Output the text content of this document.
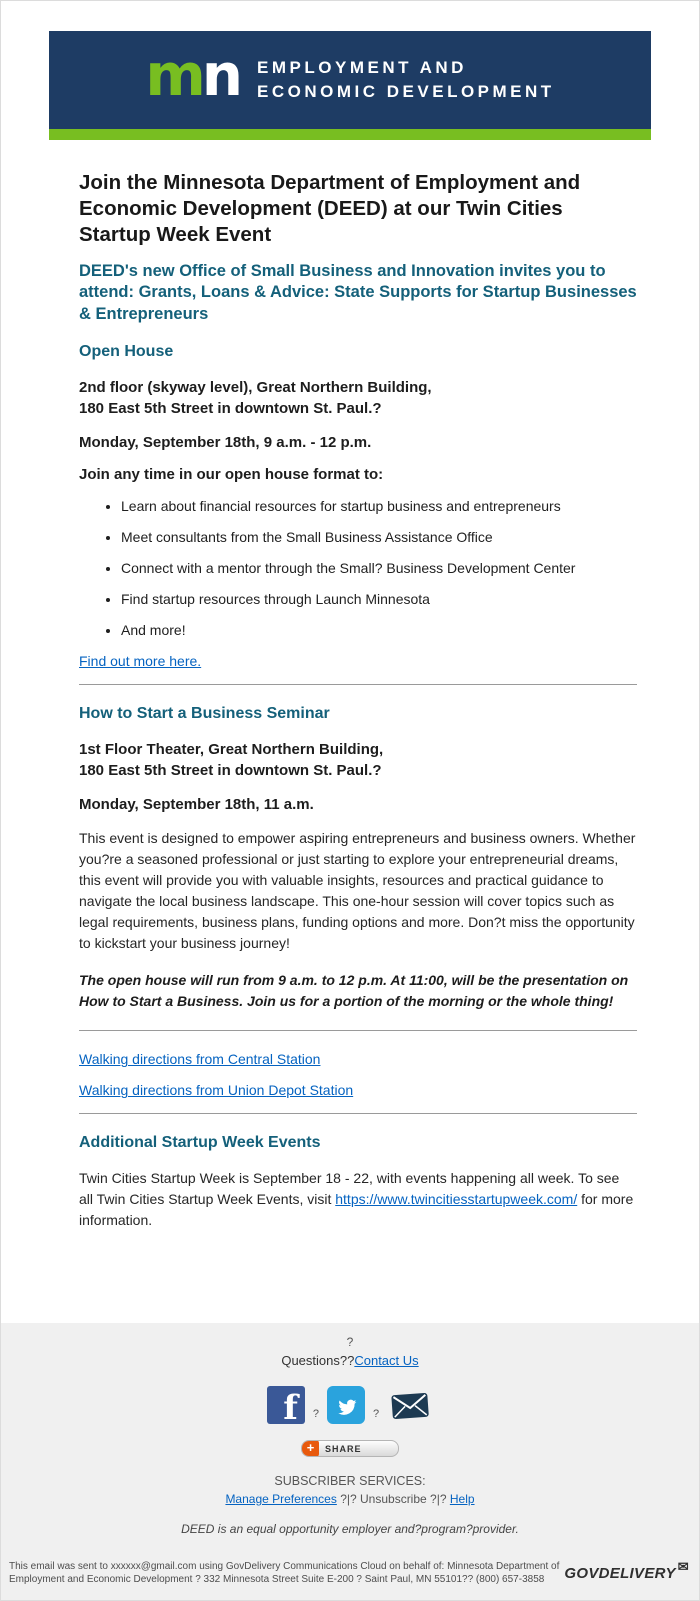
mn EMPLOYMENT AND
ECONOMIC DEVELOPMENT
Join the Minnesota Department of Employment and Economic Development (DEED) at our Twin Cities Startup Week Event
DEED's new Office of Small Business and Innovation invites you to attend: Grants, Loans & Advice: State Supports for Startup Businesses & Entrepreneurs
Open House
2nd floor (skyway level), Great Northern Building,
180 East 5th Street in downtown St. Paul.?
Monday, September 18th, 9 a.m. - 12 p.m.
Join any time in our open house format to:
• Learn about financial resources for startup business and entrepreneurs
• Meet consultants from the Small Business Assistance Office
• Connect with a mentor through the Small? Business Development Center
• Find startup resources through Launch Minnesota
• And more!
Find out more here.
How to Start a Business Seminar
1st Floor Theater, Great Northern Building,
180 East 5th Street in downtown St. Paul.?
Monday, September 18th, 11 a.m.

This event is designed to empower aspiring entrepreneurs and business owners. Whether you?re a seasoned professional or just starting to explore your entrepreneurial dreams, this event will provide you with valuable insights, resources and practical guidance to navigate the local business landscape. This one-hour session will cover topics such as legal requirements, business plans, funding options and more. Don?t miss the opportunity to kickstart your business journey!

The open house will run from 9 a.m. to 12 p.m. At 11:00, will be the presentation on How to Start a Business. Join us for a portion of the morning or the whole thing!

Walking directions from Central Station
Walking directions from Union Depot Station
Additional Startup Week Events

Twin Cities Startup Week is September 18 - 22, with events happening all week. To see all Twin Cities Startup Week Events, visit https://www.twincitiesstartupweek.com/ for more information.

?
Questions??Contact Us
f	?	?
+	SHARE
SUBSCRIBER SERVICES:
Manage Preferences ?|? Unsubscribe ?|? Help
DEED is an equal opportunity employer and?program?provider.
This email was sent to xxxxxx@gmail.com using GovDelivery Communications Cloud on behalf of: Minnesota Department of
Employment and Economic Development ? 332 Minnesota Street Suite E-200 ? Saint Paul, MN 55101?? (800) 657-3858	GOVDELIVERY ✉
